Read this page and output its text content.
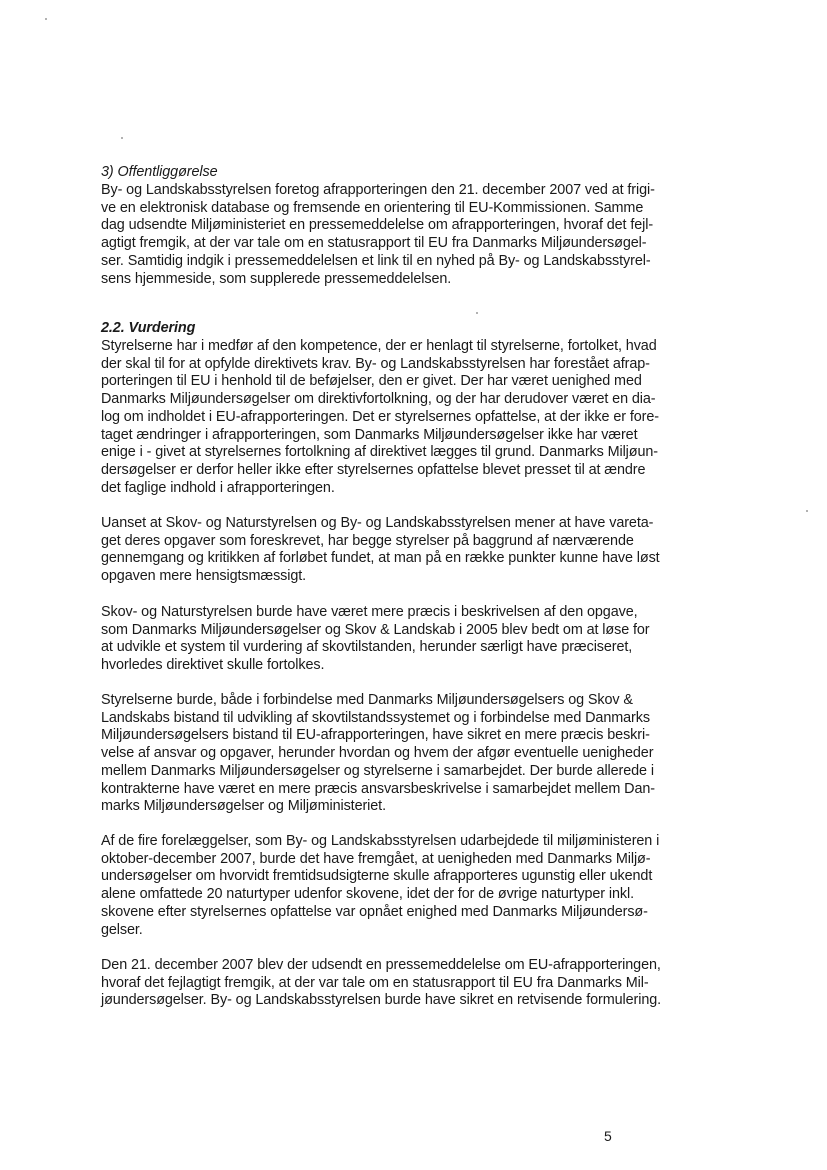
3) Offentliggørelse

By- og Landskabsstyrelsen foretog afrapporteringen den 21. december 2007 ved at frigi-
ve en elektronisk database og fremsende en orientering til EU-Kommissionen. Samme
dag udsendte Miljøministeriet en pressemeddelelse om afrapporteringen, hvoraf det fejl-
agtigt fremgik, at der var tale om en statusrapport til EU fra Danmarks Miljøundersøgel-
ser. Samtidig indgik i pressemeddelelsen et link til en nyhed på By- og Landskabsstyrel-
sens hjemmeside, som supplerede pressemeddelelsen.

2.2. Vurdering

Styrelserne har i medfør af den kompetence, der er henlagt til styrelserne, fortolket, hvad
der skal til for at opfylde direktivets krav. By- og Landskabsstyrelsen har forestået afrap-
porteringen til EU i henhold til de beføjelser, den er givet. Der har været uenighed med
Danmarks Miljøundersøgelser om direktivfortolkning, og der har derudover været en dia-
log om indholdet i EU-afrapporteringen. Det er styrelsernes opfattelse, at der ikke er fore-
taget ændringer i afrapporteringen, som Danmarks Miljøundersøgelser ikke har været
enige i - givet at styrelsernes fortolkning af direktivet lægges til grund. Danmarks Miljøun-
dersøgelser er derfor heller ikke efter styrelsernes opfattelse blevet presset til at ændre
det faglige indhold i afrapporteringen.

Uanset at Skov- og Naturstyrelsen og By- og Landskabsstyrelsen mener at have vareta-
get deres opgaver som foreskrevet, har begge styrelser på baggrund af nærværende
gennemgang og kritikken af forløbet fundet, at man på en række punkter kunne have løst
opgaven mere hensigtsmæssigt.

Skov- og Naturstyrelsen burde have været mere præcis i beskrivelsen af den opgave,
som Danmarks Miljøundersøgelser og Skov & Landskab i 2005 blev bedt om at løse for
at udvikle et system til vurdering af skovtilstanden, herunder særligt have præciseret,
hvorledes direktivet skulle fortolkes.

Styrelserne burde, både i forbindelse med Danmarks Miljøundersøgelsers og Skov &
Landskabs bistand til udvikling af skovtilstandssystemet og i forbindelse med Danmarks
Miljøundersøgelsers bistand til EU-afrapporteringen, have sikret en mere præcis beskri-
velse af ansvar og opgaver, herunder hvordan og hvem der afgør eventuelle uenigheder
mellem Danmarks Miljøundersøgelser og styrelserne i samarbejdet. Der burde allerede i
kontrakterne have været en mere præcis ansvarsbeskrivelse i samarbejdet mellem Dan-
marks Miljøundersøgelser og Miljøministeriet.

Af de fire forelæggelser, som By- og Landskabsstyrelsen udarbejdede til miljøministeren i
oktober-december 2007, burde det have fremgået, at uenigheden med Danmarks Miljø-
undersøgelser om hvorvidt fremtidsudsigterne skulle afrapporteres ugunstig eller ukendt
alene omfattede 20 naturtyper udenfor skovene, idet der for de øvrige naturtyper inkl.
skovene efter styrelsernes opfattelse var opnået enighed med Danmarks Miljøundersø-
gelser.

Den 21. december 2007 blev der udsendt en pressemeddelelse om EU-afrapporteringen,
hvoraf det fejlagtigt fremgik, at der var tale om en statusrapport til EU fra Danmarks Mil-
jøundersøgelser. By- og Landskabsstyrelsen burde have sikret en retvisende formulering.

5
